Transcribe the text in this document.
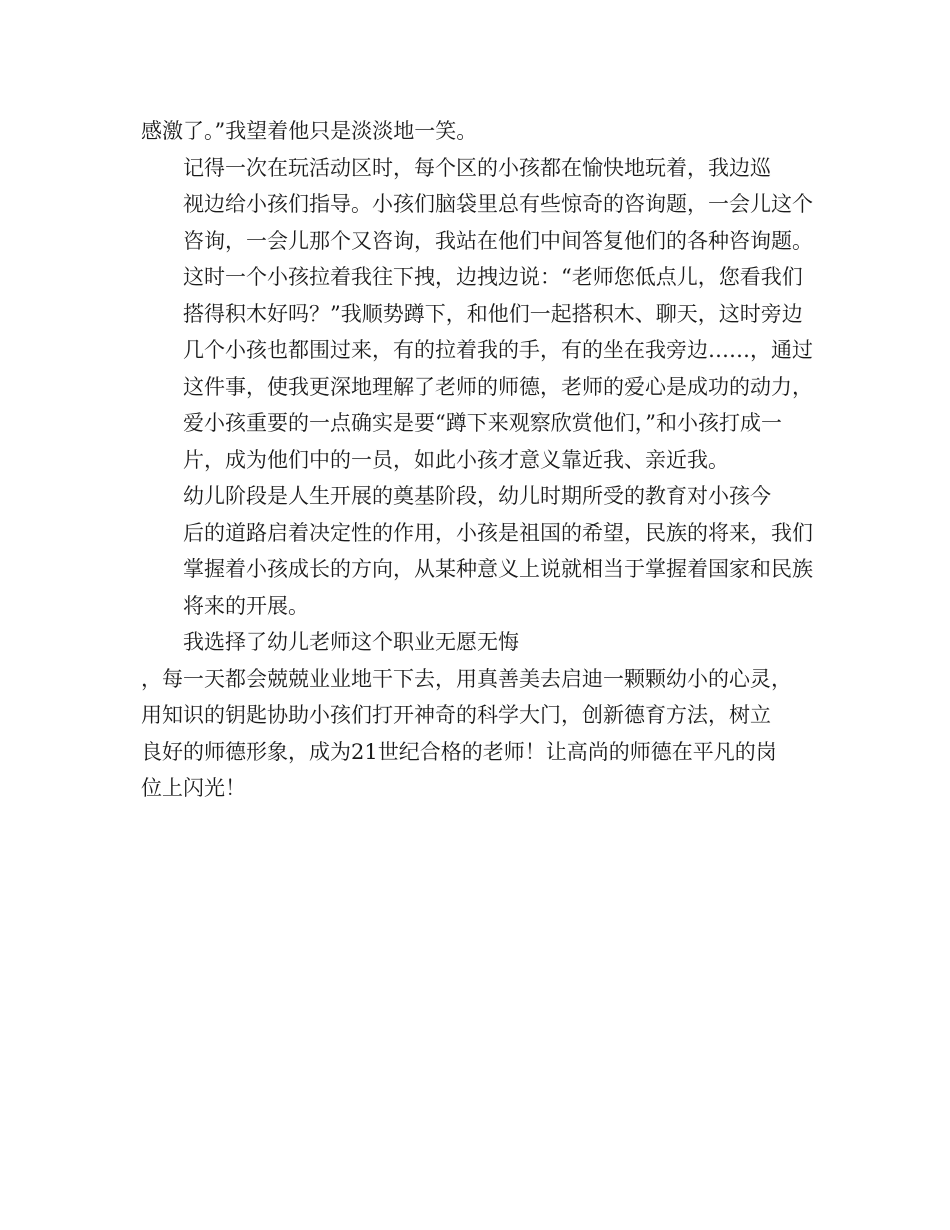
感激了。”我望着他只是淡淡地一笑。

记得一次在玩活动区时，每个区的小孩都在愉快地玩着，我边巡
视边给小孩们指导。小孩们脑袋里总有些惊奇的咨询题，一会儿这个
咨询，一会儿那个又咨询，我站在他们中间答复他们的各种咨询题。
这时一个小孩拉着我往下拽，边拽边说：“老师您低点儿，您看我们
搭得积木好吗？”我顺势蹲下，和他们一起搭积木、聊天，这时旁边
几个小孩也都围过来，有的拉着我的手，有的坐在我旁边……，通过
这件事，使我更深地理解了老师的师德，老师的爱心是成功的动力，
爱小孩重要的一点确实是要“蹲下来观察欣赏他们，”和小孩打成一
片，成为他们中的一员，如此小孩才意义靠近我、亲近我。

幼儿阶段是人生开展的奠基阶段，幼儿时期所受的教育对小孩今
后的道路启着决定性的作用，小孩是祖国的希望，民族的将来，我们
掌握着小孩成长的方向，从某种意义上说就相当于掌握着国家和民族
将来的开展。

我选择了幼儿老师这个职业无愿无悔

，每一天都会兢兢业业地干下去，用真善美去启迪一颗颗幼小的心灵，
用知识的钥匙协助小孩们打开神奇的科学大门，创新德育方法，树立
良好的师德形象，成为21世纪合格的老师！让高尚的师德在平凡的岗
位上闪光！
